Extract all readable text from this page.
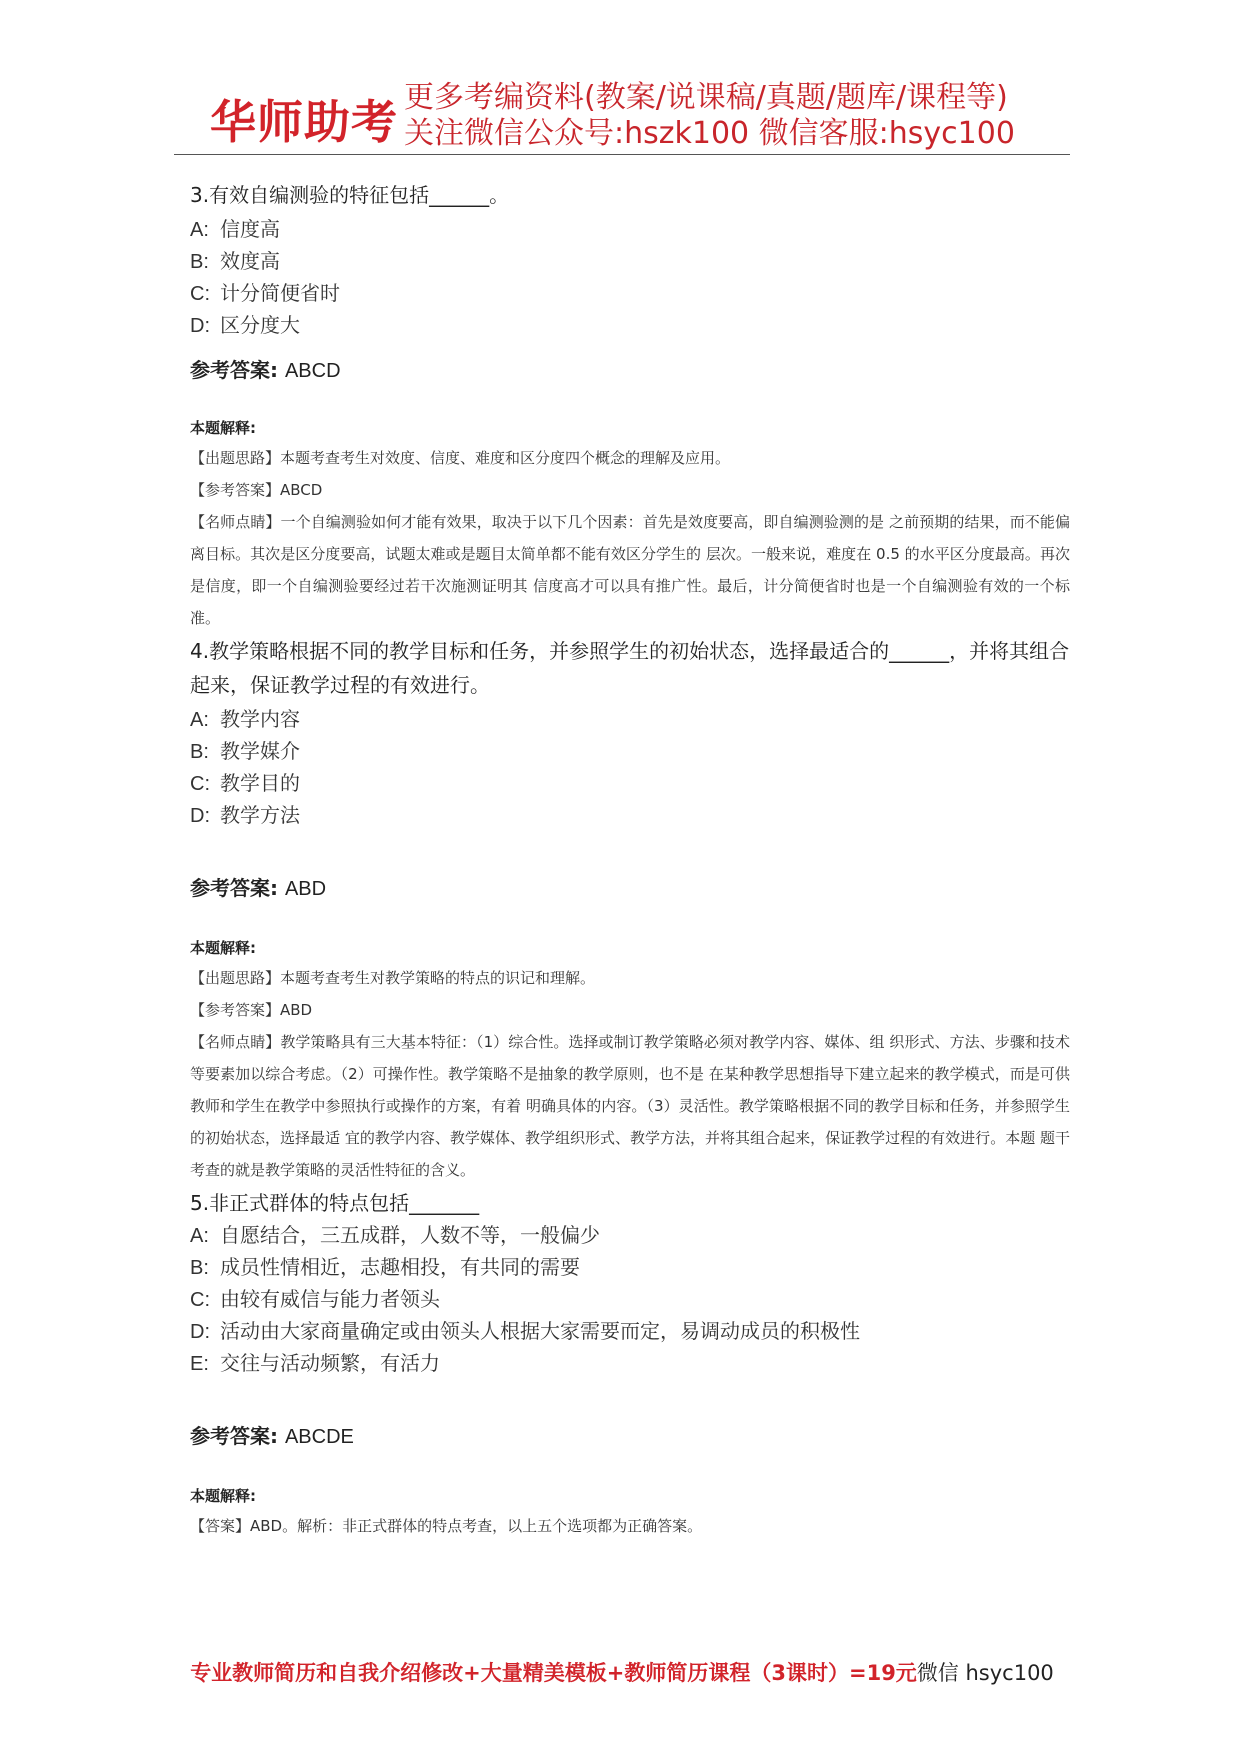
华师助考 更多考编资料(教案/说课稿/真题/题库/课程等)
关注微信公众号:hszk100 微信客服:hsyc100

3.有效自编测验的特征包括______。

A: 信度高

B: 效度高

C: 计分简便省时

D: 区分度大

参考答案: ABCD

本题解释:

【出题思路】本题考查考生对效度、信度、难度和区分度四个概念的理解及应用。

【参考答案】ABCD

【名师点睛】一个自编测验如何才能有效果，取决于以下几个因素：首先是效度要高，即自编测验测的是 之前预期的结果，而不能偏离目标。其次是区分度要高，试题太难或是题目太简单都不能有效区分学生的 层次。一般来说，难度在 0.5 的水平区分度最高。再次是信度，即一个自编测验要经过若干次施测证明其 信度高才可以具有推广性。最后，计分简便省时也是一个自编测验有效的一个标准。

4.教学策略根据不同的教学目标和任务，并参照学生的初始状态，选择最适合的______，并将其组合起来，保证教学过程的有效进行。

A: 教学内容

B: 教学媒介

C: 教学目的

D: 教学方法

参考答案: ABD

本题解释:

【出题思路】本题考查考生对教学策略的特点的识记和理解。

【参考答案】ABD

【名师点睛】教学策略具有三大基本特征：（1）综合性。选择或制订教学策略必须对教学内容、媒体、组 织形式、方法、步骤和技术等要素加以综合考虑。（2）可操作性。教学策略不是抽象的教学原则，也不是 在某种教学思想指导下建立起来的教学模式，而是可供教师和学生在教学中参照执行或操作的方案，有着 明确具体的内容。（3）灵活性。教学策略根据不同的教学目标和任务，并参照学生的初始状态，选择最适 宜的教学内容、教学媒体、教学组织形式、教学方法，并将其组合起来，保证教学过程的有效进行。本题 题干考查的就是教学策略的灵活性特征的含义。

5.非正式群体的特点包括_______

A: 自愿结合，三五成群，人数不等，一般偏少

B: 成员性情相近，志趣相投，有共同的需要

C: 由较有威信与能力者领头

D: 活动由大家商量确定或由领头人根据大家需要而定，易调动成员的积极性

E: 交往与活动频繁，有活力

参考答案: ABCDE

本题解释:

【答案】ABD。解析：非正式群体的特点考查，以上五个选项都为正确答案。

专业教师简历和自我介绍修改+大量精美模板+教师简历课程（3课时）=19元微信 hsyc100
